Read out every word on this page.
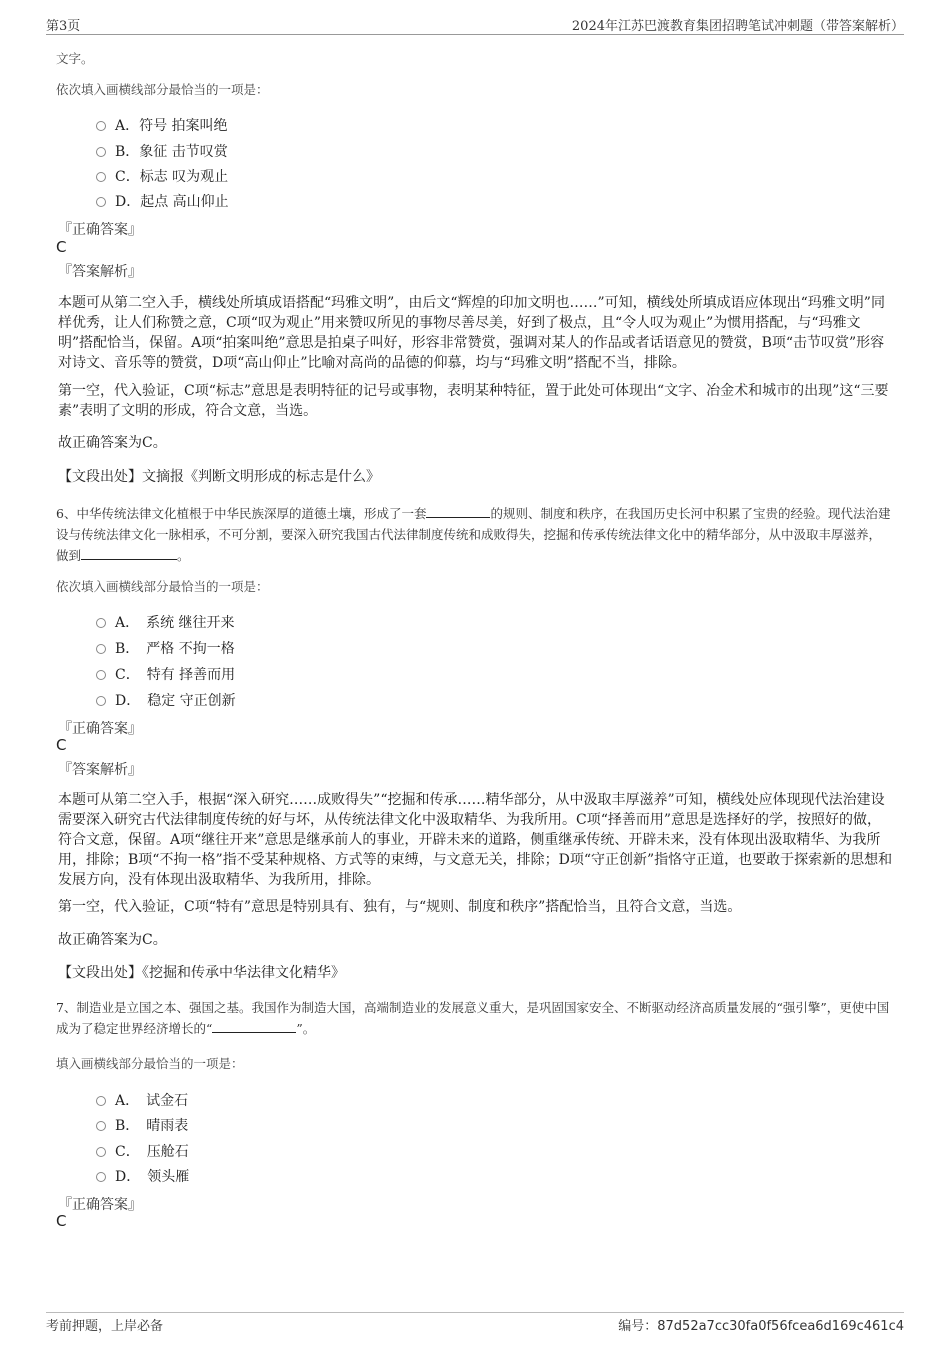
第3页	2024年江苏巴渡教育集团招聘笔试冲刺题（带答案解析）
文字。
依次填入画横线部分最恰当的一项是：
A．符号 拍案叫绝
B．象征 击节叹赏
C．标志 叹为观止
D．起点 高山仰止
『正确答案』
C
『答案解析』
本题可从第二空入手，横线处所填成语搭配“玛雅文明”，由后文“辉煌的印加文明也……”可知，横线处所填成语应体现出“玛雅文明”同样优秀，让人们称赞之意，C项“叹为观止”用来赞叹所见的事物尽善尽美，好到了极点，且“令人叹为观止”为惯用搭配，与“玛雅文明”搭配恰当，保留。A项“拍案叫绝”意思是拍桌子叫好，形容非常赞赏，强调对某人的作品或者话语意见的赞赏，B项“击节叹赏”形容对诗文、音乐等的赞赏，D项“高山仰止”比喻对高尚的品德的仰慕，均与“玛雅文明”搭配不当，排除。
第一空，代入验证，C项“标志”意思是表明特征的记号或事物，表明某种特征，置于此处可体现出“文字、冶金术和城市的出现”这“三要素”表明了文明的形成，符合文意，当选。
故正确答案为C。
【文段出处】文摘报《判断文明形成的标志是什么》
6、中华传统法律文化植根于中华民族深厚的道德土壤，形成了一套	的规则、制度和秩序，在我国历史长河中积累了宝贵的经验。现代法治建设与传统法律文化一脉相承，不可分割，要深入研究我国古代法律制度传统和成败得失，挖掘和传承传统法律文化中的精华部分，从中汲取丰厚滋养，做到	。
依次填入画横线部分最恰当的一项是：
A．　系统 继往开来
B．　严格 不拘一格
C．　特有 择善而用
D．　稳定 守正创新
『正确答案』
C
『答案解析』
本题可从第二空入手，根据“深入研究……成败得失”“挖掘和传承……精华部分，从中汲取丰厚滋养”可知，横线处应体现现代法治建设需要深入研究古代法律制度传统的好与坏，从传统法律文化中汲取精华、为我所用。C项“择善而用”意思是选择好的学，按照好的做，符合文意，保留。A项“继往开来”意思是继承前人的事业，开辟未来的道路，侧重继承传统、开辟未来，没有体现出汲取精华、为我所用，排除；B项“不拘一格”指不受某种规格、方式等的束缚，与文意无关，排除；D项“守正创新”指恪守正道，也要敢于探索新的思想和发展方向，没有体现出汲取精华、为我所用，排除。
第一空，代入验证，C项“特有”意思是特别具有、独有，与“规则、制度和秩序”搭配恰当，且符合文意，当选。
故正确答案为C。
【文段出处】《挖掘和传承中华法律文化精华》
7、制造业是立国之本、强国之基。我国作为制造大国，高端制造业的发展意义重大，是巩固国家安全、不断驱动经济高质量发展的“强引擎”，更使中国成为了稳定世界经济增长的“	”。
填入画横线部分最恰当的一项是：
A．　试金石
B．　晴雨表
C．　压舱石
D．　领头雁
『正确答案』
C
考前押题，上岸必备	编号：87d52a7cc30fa0f56fcea6d169c461c4
